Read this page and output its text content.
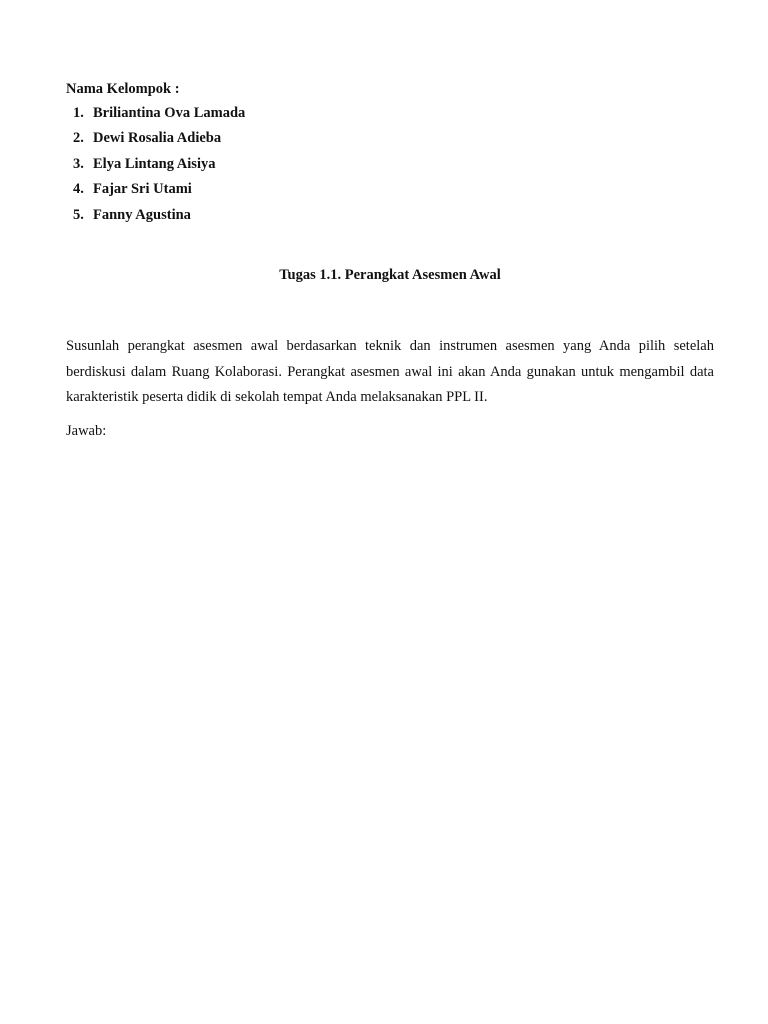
Nama Kelompok :

1. Briliantina Ova Lamada
2. Dewi Rosalia Adieba
3. Elya Lintang Aisiya
4. Fajar Sri Utami
5. Fanny Agustina
Tugas 1.1. Perangkat Asesmen Awal

Susunlah perangkat asesmen awal berdasarkan teknik dan instrumen asesmen yang Anda pilih setelah berdiskusi dalam Ruang Kolaborasi. Perangkat asesmen awal ini akan Anda gunakan untuk mengambil data karakteristik peserta didik di sekolah tempat Anda melaksanakan PPL II.

Jawab:
